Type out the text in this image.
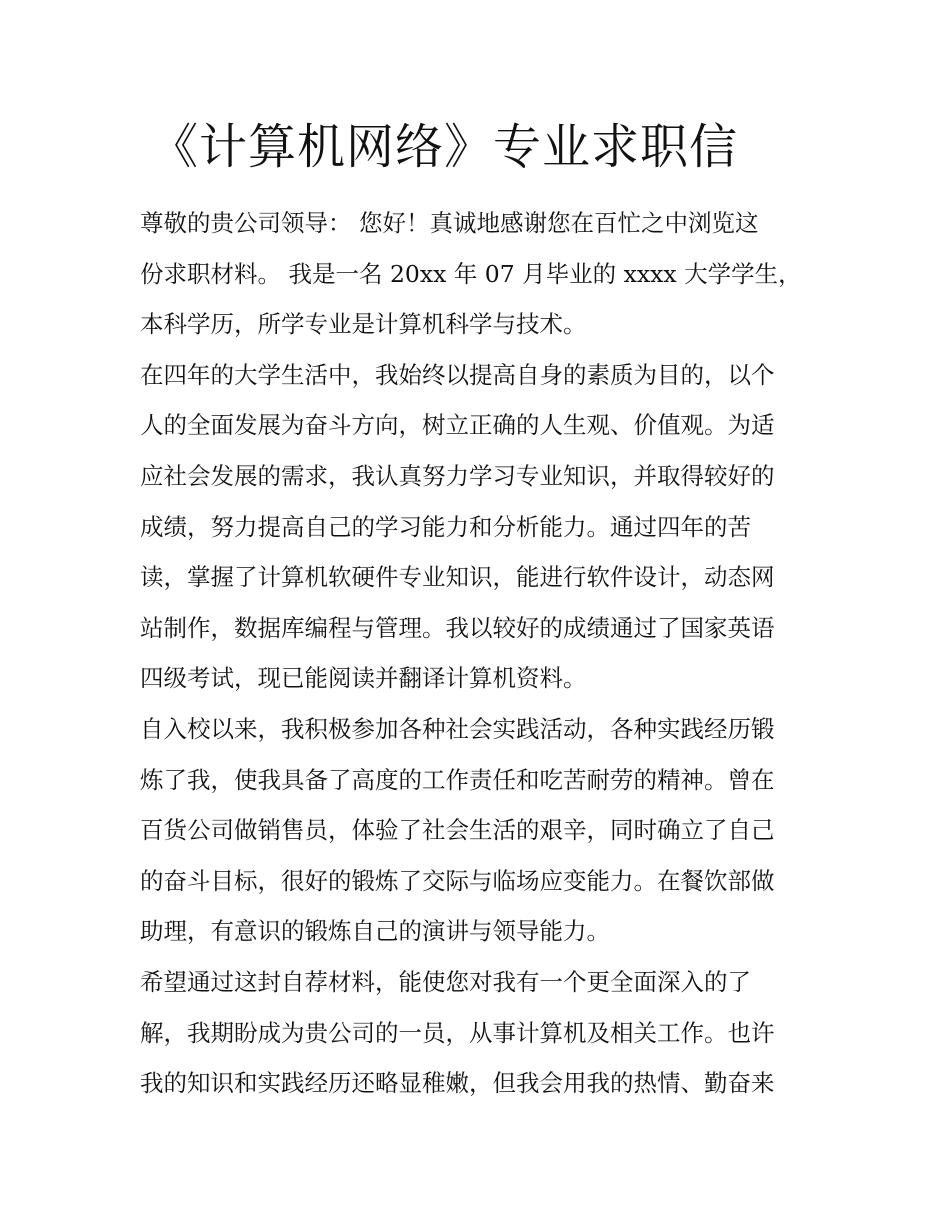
《计算机网络》专业求职信
尊敬的贵公司领导： 您好！真诚地感谢您在百忙之中浏览这
份求职材料。 我是一名 20xx 年 07 月毕业的 xxxx 大学学生，
本科学历，所学专业是计算机科学与技术。
在四年的大学生活中，我始终以提高自身的素质为目的，以个
人的全面发展为奋斗方向，树立正确的人生观、价值观。为适
应社会发展的需求，我认真努力学习专业知识，并取得较好的
成绩，努力提高自己的学习能力和分析能力。通过四年的苦
读，掌握了计算机软硬件专业知识，能进行软件设计，动态网
站制作，数据库编程与管理。我以较好的成绩通过了国家英语
四级考试，现已能阅读并翻译计算机资料。
自入校以来，我积极参加各种社会实践活动，各种实践经历锻
炼了我，使我具备了高度的工作责任和吃苦耐劳的精神。曾在
百货公司做销售员，体验了社会生活的艰辛，同时确立了自己
的奋斗目标，很好的锻炼了交际与临场应变能力。在餐饮部做
助理，有意识的锻炼自己的演讲与领导能力。
希望通过这封自荐材料，能使您对我有一个更全面深入的了
解，我期盼成为贵公司的一员，从事计算机及相关工作。也许
我的知识和实践经历还略显稚嫩，但我会用我的热情、勤奋来
